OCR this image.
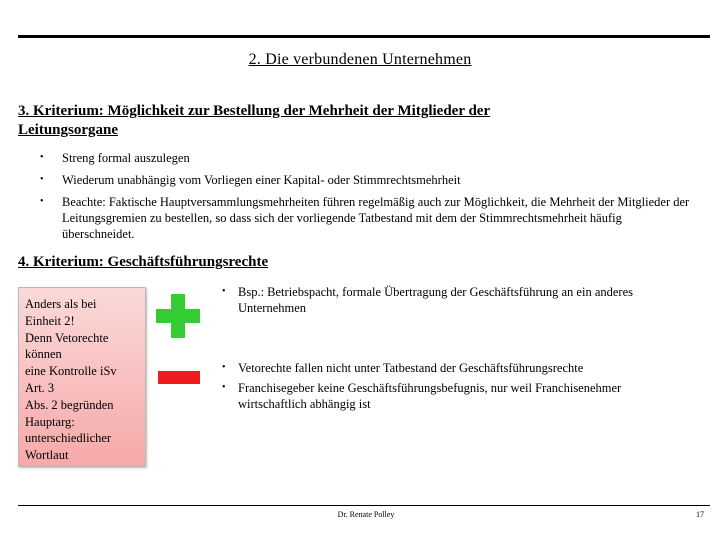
2. Die verbundenen Unternehmen
3. Kriterium: Möglichkeit zur Bestellung der Mehrheit der Mitglieder der
Leitungsorgane
• Streng formal auszulegen
• Wiederum unabhängig vom Vorliegen einer Kapital- oder Stimmrechtsmehrheit
• Beachte: Faktische Hauptversammlungsmehrheiten führen regelmäßig auch zur Möglichkeit, die Mehrheit der Mitglieder der Leitungsgremien zu bestellen, so dass sich der vorliegende Tatbestand mit dem der Stimmrechtsmehrheit häufig überschneidet.
4. Kriterium: Geschäftsführungsrechte
Anders als bei
Einheit 2!
Denn Vetorechte
können
eine Kontrolle iSv
Art. 3
Abs. 2 begründen
Hauptarg:
unterschiedlicher
Wortlaut
• Bsp.: Betriebspacht, formale Übertragung der Geschäftsführung an ein anderes Unternehmen
• Vetorechte fallen nicht unter Tatbestand der Geschäftsführungsrechte
• Franchisegeber keine Geschäftsführungsbefugnis, nur weil Franchisenehmer wirtschaftlich abhängig ist
Dr. Renate Polley	17
